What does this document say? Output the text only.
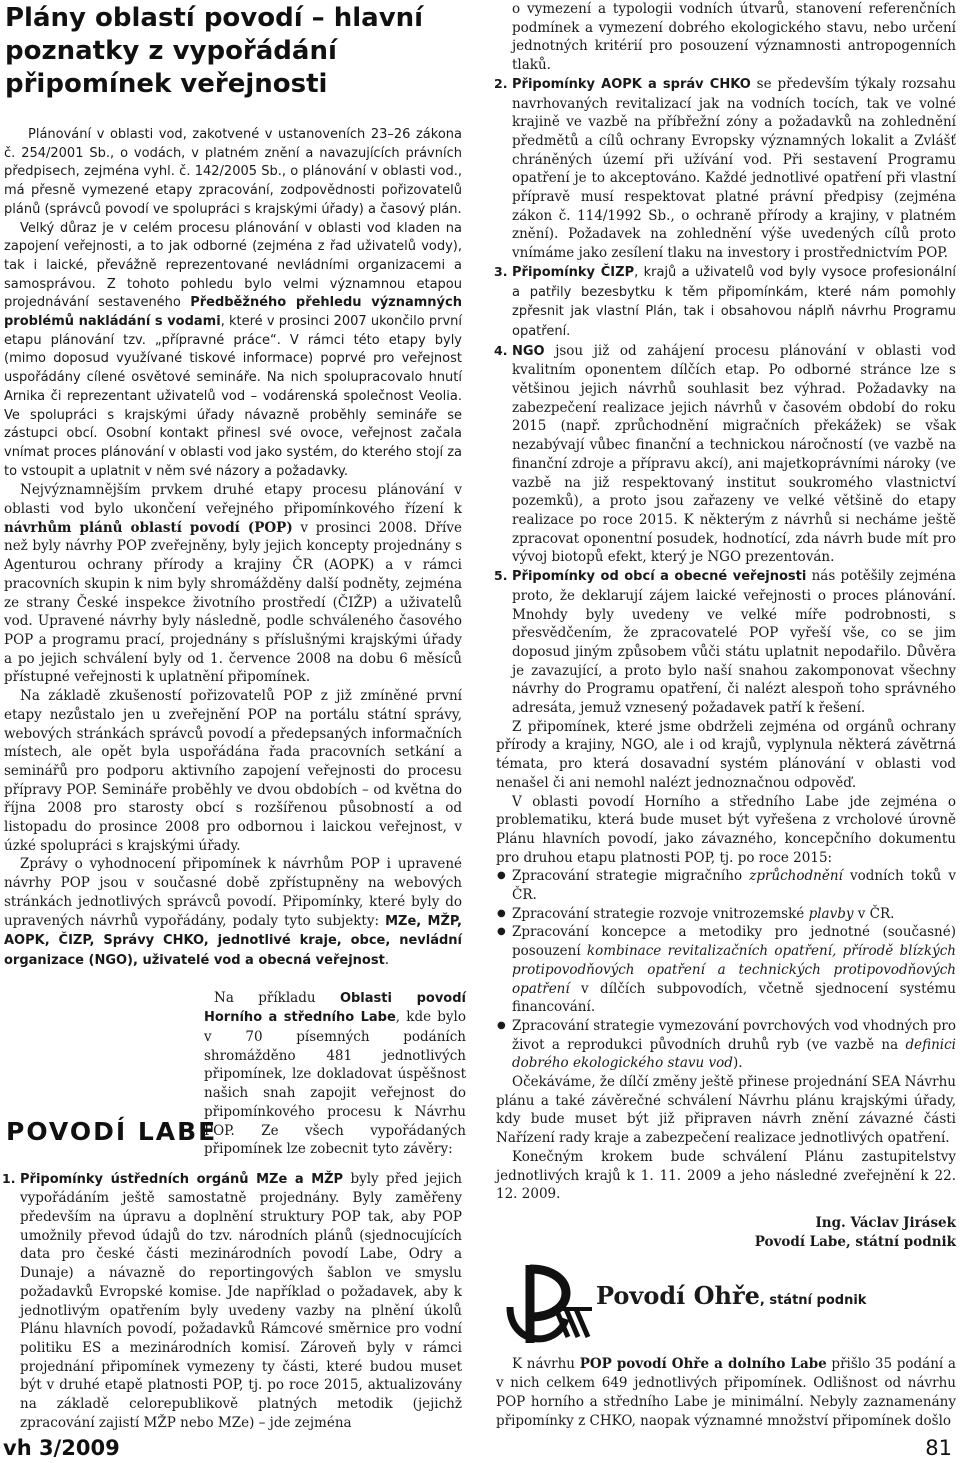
Plány oblastí povodí – hlavní poznatky z vypořádání připomínek veřejnosti

Plánování v oblasti vod, zakotvené v ustanoveních 23–26 zákona č. 254/2001 Sb., o vodách, v platném znění a navazujících právních předpisech, zejména vyhl. č. 142/2005 Sb., o plánování v oblasti vod., má přesně vymezené etapy zpracování, zodpovědnosti pořizovatelů plánů (správců povodí ve spolupráci s krajskými úřady) a časový plán.

Velký důraz je v celém procesu plánování v oblasti vod kladen na zapojení veřejnosti, a to jak odborné (zejména z řad uživatelů vody), tak i laické, převážně reprezentované nevládními organizacemi a samosprávou. Z tohoto pohledu bylo velmi významnou etapou projednávání sestaveného Předběžného přehledu významných problémů nakládání s vodami, které v prosinci 2007 ukončilo první etapu plánování tzv. „přípravné práce“. V rámci této etapy byly (mimo doposud využívané tiskové informace) poprvé pro veřejnost uspořádány cílené osvětové semináře. Na nich spolupracovalo hnutí Arnika či reprezentant uživatelů vod – vodárenská společnost Veolia. Ve spolupráci s krajskými úřady návazně proběhly semináře se zástupci obcí. Osobní kontakt přinesl své ovoce, veřejnost začala vnímat proces plánování v oblasti vod jako systém, do kterého stojí za to vstoupit a uplatnit v něm své názory a požadavky.

Nejvýznamnějším prvkem druhé etapy procesu plánování v oblasti vod bylo ukončení veřejného připomínkového řízení k návrhům plánů oblastí povodí (POP) v prosinci 2008. Dříve než byly návrhy POP zveřejněny, byly jejich koncepty projednány s Agenturou ochrany přírody a krajiny ČR (AOPK) a v rámci pracovních skupin k nim byly shromážděny další podněty, zejména ze strany České inspekce životního prostředí (ČIŽP) a uživatelů vod. Upravené návrhy byly následně, podle schváleného časového POP a programu prací, projednány s příslušnými krajskými úřady a po jejich schválení byly od 1. července 2008 na dobu 6 měsíců přístupné veřejnosti k uplatnění připomínek.

Na základě zkušeností pořizovatelů POP z již zmíněné první etapy nezůstalo jen u zveřejnění POP na portálu státní správy, webových stránkách správců povodí a předepsaných informačních místech, ale opět byla uspořádána řada pracovních setkání a seminářů pro podporu aktivního zapojení veřejnosti do procesu přípravy POP. Semináře proběhly ve dvou obdobích – od května do října 2008 pro starosty obcí s rozšířenou působností a od listopadu do prosince 2008 pro odbornou i laickou veřejnost, v úzké spolupráci s krajskými úřady.

Zprávy o vyhodnocení připomínek k návrhům POP i upravené návrhy POP jsou v současné době zpřístupněny na webových stránkách jednotlivých správců povodí. Připomínky, které byly do upravených návrhů vypořádány, podaly tyto subjekty: MZe, MŽP, AOPK, ČIZP, Správy CHKO, jednotlivé kraje, obce, nevládní organizace (NGO), uživatelé vod a obecná veřejnost.

Na příkladu Oblasti povodí Horního a středního Labe, kde bylo v 70 písemných podáních shromážděno 481 jednotlivých připomínek, lze dokladovat úspěšnost našich snah zapojit veřejnost do připomínkového procesu k Návrhu POP. Ze všech vypořádaných připomínek lze zobecnit tyto závěry:

POVODÍ LABE
1. Připomínky ústředních orgánů MZe a MŽP byly před jejich vypořádáním ještě samostatně projednány. Byly zaměřeny především na úpravu a doplnění struktury POP tak, aby POP umožnily převod údajů do tzv. národních plánů (sjednocujících data pro české části mezinárodních povodí Labe, Odry a Dunaje) a návazně do reportingových šablon ve smyslu požadavků Evropské komise. Jde například o požadavek, aby k jednotlivým opatřením byly uvedeny vazby na plnění úkolů Plánu hlavních povodí, požadavků Rámcové směrnice pro vodní politiku ES a mezinárodních komisí. Zároveň byly v rámci projednání připomínek vymezeny ty části, které budou muset být v druhé etapě platnosti POP, tj. po roce 2015, aktualizovány na základě celorepublikově platných metodik (jejichž zpracování zajistí MŽP nebo MZe) – jde zejména

o vymezení a typologii vodních útvarů, stanovení referenčních podmínek a vymezení dobrého ekologického stavu, nebo určení jednotných kritérií pro posouzení významnosti antropogenních tlaků.

2. Připomínky AOPK a správ CHKO se především týkaly rozsahu navrhovaných revitalizací jak na vodních tocích, tak ve volné krajině ve vazbě na příbřežní zóny a požadavků na zohlednění předmětů a cílů ochrany Evropsky významných lokalit a Zvlášť chráněných území při užívání vod. Při sestavení Programu opatření je to akceptováno. Každé jednotlivé opatření při vlastní přípravě musí respektovat platné právní předpisy (zejména zákon č. 114/1992 Sb., o ochraně přírody a krajiny, v platném znění). Požadavek na zohlednění výše uvedených cílů proto vnímáme jako zesílení tlaku na investory i prostřednictvím POP.
3. Připomínky ČIZP, krajů a uživatelů vod byly vysoce profesionální a patřily bezesbytku k těm připomínkám, které nám pomohly zpřesnit jak vlastní Plán, tak i obsahovou náplň návrhu Programu opatření.
4. NGO jsou již od zahájení procesu plánování v oblasti vod kvalitním oponentem dílčích etap. Po odborné stránce lze s většinou jejich návrhů souhlasit bez výhrad. Požadavky na zabezpečení realizace jejich návrhů v časovém období do roku 2015 (např. zprůchodnění migračních překážek) se však nezabývají vůbec finanční a technickou náročností (ve vazbě na finanční zdroje a přípravu akcí), ani majetkoprávními nároky (ve vazbě na již respektovaný institut soukromého vlastnictví pozemků), a proto jsou zařazeny ve velké většině do etapy realizace po roce 2015. K některým z návrhů si necháme ještě zpracovat oponentní posudek, hodnotící, zda návrh bude mít pro vývoj biotopů efekt, který je NGO prezentován.
5. Připomínky od obcí a obecné veřejnosti nás potěšily zejména proto, že deklarují zájem laické veřejnosti o proces plánování. Mnohdy byly uvedeny ve velké míře podrobnosti, s přesvědčením, že zpracovatelé POP vyřeší vše, co se jim doposud jiným způsobem vůči státu uplatnit nepodařilo. Důvěra je zavazující, a proto bylo naší snahou zakomponovat všechny návrhy do Programu opatření, či nalézt alespoň toho správného adresáta, jemuž vznesený požadavek patří k řešení.

Z připomínek, které jsme obdrželi zejména od orgánů ochrany přírody a krajiny, NGO, ale i od krajů, vyplynula některá závětrná témata, pro která dosavadní systém plánování v oblasti vod nenašel či ani nemohl nalézt jednoznačnou odpověď.

V oblasti povodí Horního a středního Labe jde zejména o problematiku, která bude muset být vyřešena z vrcholové úrovně Plánu hlavních povodí, jako závazného, koncepčního dokumentu pro druhou etapu platnosti POP, tj. po roce 2015:

● Zpracování strategie migračního zprůchodnění vodních toků v ČR.
● Zpracování strategie rozvoje vnitrozemské plavby v ČR.
● Zpracování koncepce a metodiky pro jednotné (současné) posouzení kombinace revitalizačních opatření, přírodě blízkých protipovodňových opatření a technických protipovodňových opatření v dílčích subpovodích, včetně sjednocení systému financování.
● Zpracování strategie vymezování povrchových vod vhodných pro život a reprodukci původních druhů ryb (ve vazbě na definici dobrého ekologického stavu vod).

Očekáváme, že dílčí změny ještě přinese projednání SEA Návrhu plánu a také závěrečné schválení Návrhu plánu krajskými úřady, kdy bude muset být již připraven návrh znění závazné části Nařízení rady kraje a zabezpečení realizace jednotlivých opatření.

Konečným krokem bude schválení Plánu zastupitelstvy jednotlivých krajů k 1. 11. 2009 a jeho následné zveřejnění k 22. 12. 2009.

Ing. Václav Jirásek

Povodí Labe, státní podnik

Povodí Ohře, státní podnik

K návrhu POP povodí Ohře a dolního Labe přišlo 35 podání a v nich celkem 649 jednotlivých připomínek. Odlišnost od návrhu POP horního a středního Labe je minimální. Nebyly zaznamenány připomínky z CHKO, naopak významné množství připomínek došlo

vh 3/2009	81
